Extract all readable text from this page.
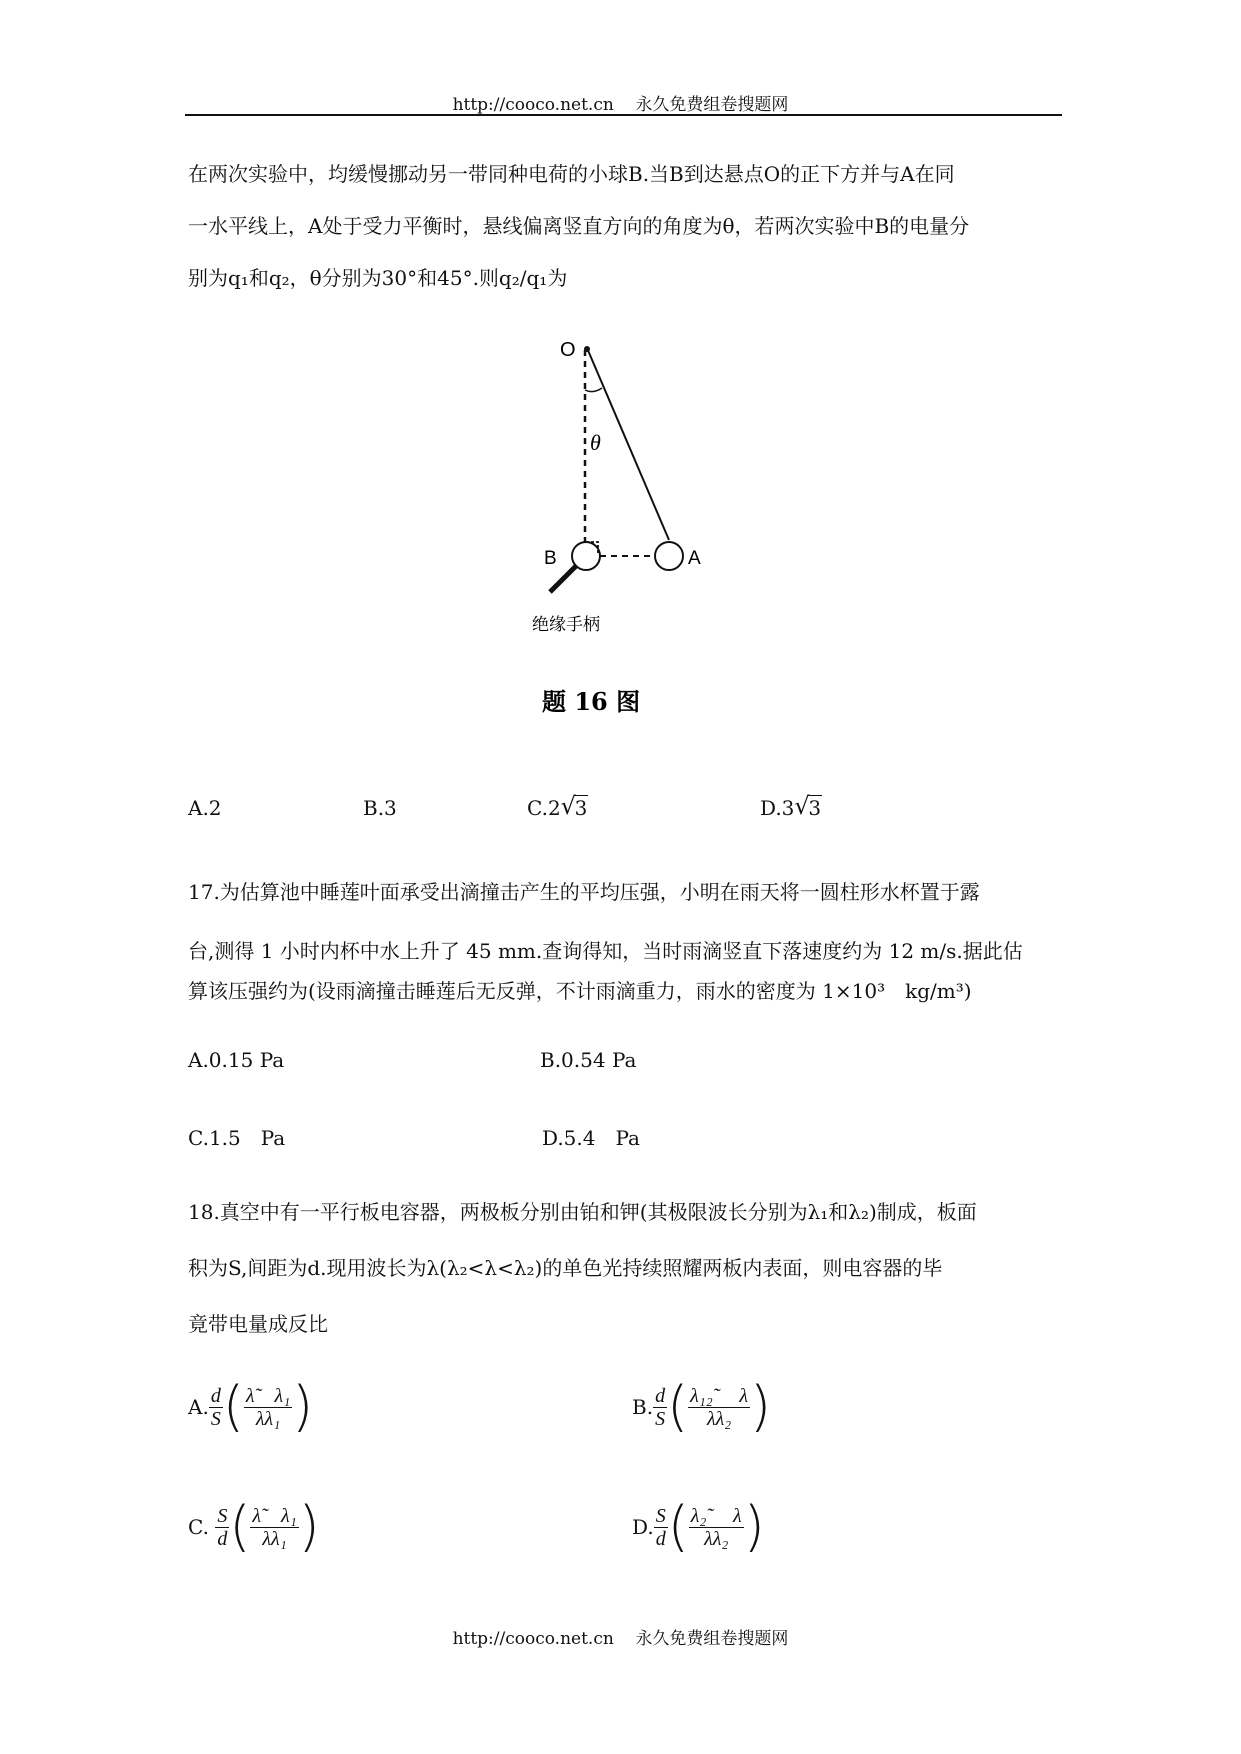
http://cooco.net.cn 永久免费组卷搜题网
在两次实验中，均缓慢挪动另一带同种电荷的小球B.当B到达悬点O的正下方并与A在同
一水平线上，A处于受力平衡时，悬线偏离竖直方向的角度为θ，若两次实验中B的电量分
别为q₁和q₂，θ分别为30°和45°.则q₂/q₁为
O
θ
B	A
绝缘手柄
题 16 图
A.2	B.3	C.2 √
3	D.3 √
3
17.为估算池中睡莲叶面承受出滴撞击产生的平均压强，小明在雨天将一圆柱形水杯置于露
台,测得 1 小时内杯中水上升了 45 mm.查询得知，当时雨滴竖直下落速度约为 12 m/s.据此估
算该压强约为(设雨滴撞击睡莲后无反弹，不计雨滴重力，雨水的密度为 1×10³　kg/m³)
A.0.15 Pa	B.0.54 Pa
C.1.5　Pa	D.5.4　Pa
18.真空中有一平行板电容器，两极板分别由铂和钾(其极限波长分别为λ₁和λ₂)制成，板面
积为S,间距为d.现用波长为λ(λ₂<λ<λ₂)的单色光持续照耀两板内表面，则电容器的毕
竟带电量成反比
A. $\frac{d}{S}$ ( $\frac{\text{λ̃　λ₁}}{\text{λλ₁}}$ )	B. $\frac{d}{S}$ ( $\frac{\text{λ₁₂˜　λ}}{\text{λλ₂}}$ )
C.
$\frac{S}{d}$ ( $\frac{\text{λ̃　λ₁}}{\text{λλ₁}}$ )	D. $\frac{S}{d}$ ( $\frac{\text{λ₂˜　λ}}{\text{λλ₂}}$ )
http://cooco.net.cn 永久免费组卷搜题网
